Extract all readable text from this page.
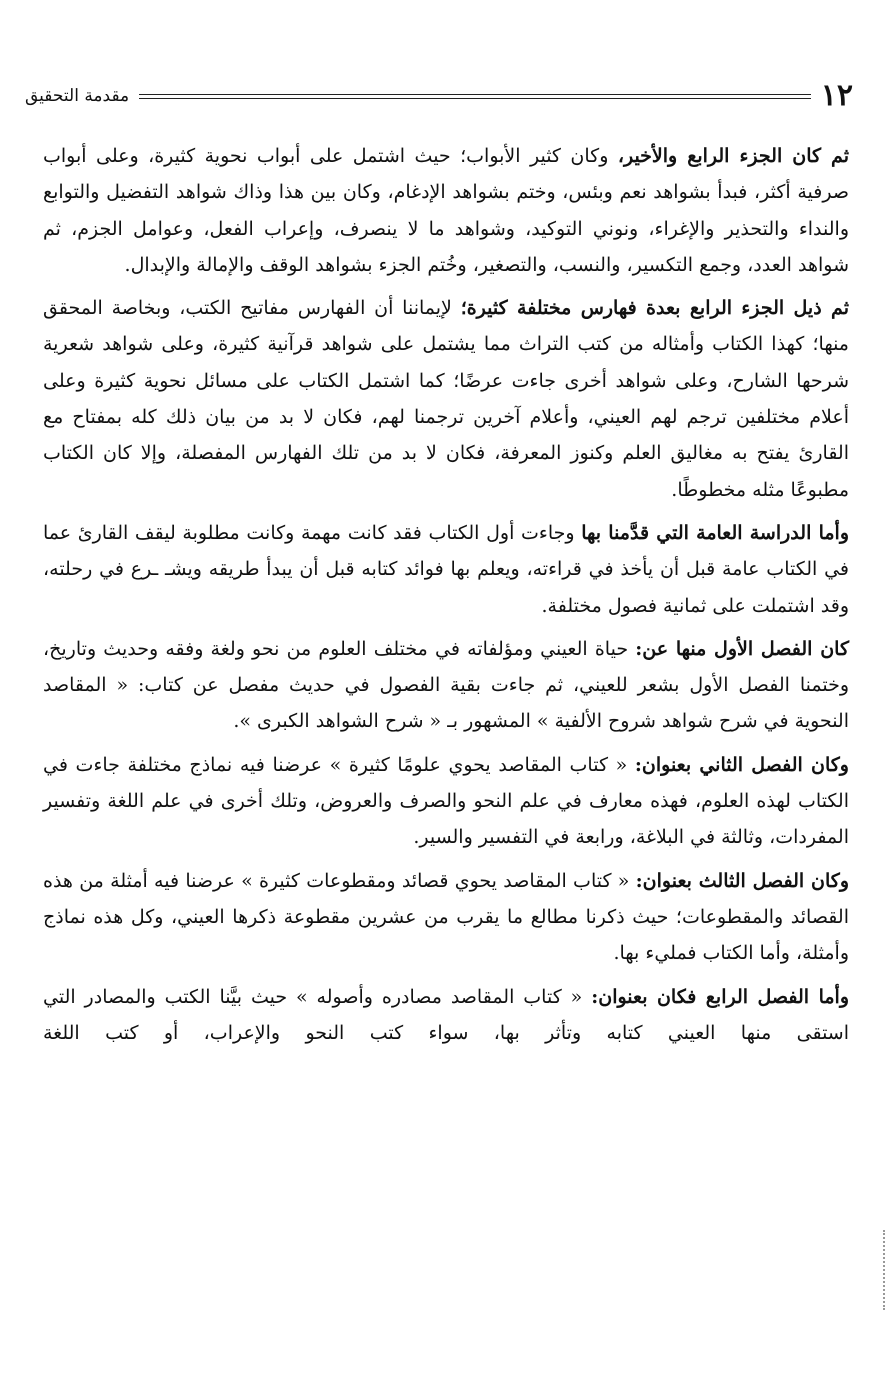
١٢
مقدمة التحقيق

ثم كان الجزء الرابع والأخير، وكان كثير الأبواب؛ حيث اشتمل على أبواب نحوية كثيرة، وعلى أبواب صرفية أكثر، فبدأ بشواهد نعم وبئس، وختم بشواهد الإدغام، وكان بين هذا وذاك شواهد التفضيل والتوابع والنداء والتحذير والإغراء، ونوني التوكيد، وشواهد ما لا ينصرف، وإعراب الفعل، وعوامل الجزم، ثم شواهد العدد، وجمع التكسير، والنسب، والتصغير، وخُتم الجزء بشواهد الوقف والإمالة والإبدال.

ثم ذيل الجزء الرابع بعدة فهارس مختلفة كثيرة؛ لإيماننا أن الفهارس مفاتيح الكتب، وبخاصة المحقق منها؛ كهذا الكتاب وأمثاله من كتب التراث مما يشتمل على شواهد قرآنية كثيرة، وعلى شواهد شعرية شرحها الشارح، وعلى شواهد أخرى جاءت عرضًا؛ كما اشتمل الكتاب على مسائل نحوية كثيرة وعلى أعلام مختلفين ترجم لهم العيني، وأعلام آخرين ترجمنا لهم، فكان لا بد من بيان ذلك كله بمفتاح مع القارئ يفتح به مغاليق العلم وكنوز المعرفة، فكان لا بد من تلك الفهارس المفصلة، وإلا كان الكتاب مطبوعًا مثله مخطوطًا.

وأما الدراسة العامة التي قدَّمنا بها وجاءت أول الكتاب فقد كانت مهمة وكانت مطلوبة ليقف القارئ عما في الكتاب عامة قبل أن يأخذ في قراءته، ويعلم بها فوائد كتابه قبل أن يبدأ طريقه ويشـ ـرع في رحلته، وقد اشتملت على ثمانية فصول مختلفة.

كان الفصل الأول منها عن: حياة العيني ومؤلفاته في مختلف العلوم من نحو ولغة وفقه وحديث وتاريخ، وختمنا الفصل الأول بشعر للعيني، ثم جاءت بقية الفصول في حديث مفصل عن كتاب: « المقاصد النحوية في شرح شواهد شروح الألفية » المشهور بـ « شرح الشواهد الكبرى ».

وكان الفصل الثاني بعنوان: « كتاب المقاصد يحوي علومًا كثيرة » عرضنا فيه نماذج مختلفة جاءت في الكتاب لهذه العلوم، فهذه معارف في علم النحو والصرف والعروض، وتلك أخرى في علم اللغة وتفسير المفردات، وثالثة في البلاغة، ورابعة في التفسير والسير.

وكان الفصل الثالث بعنوان: « كتاب المقاصد يحوي قصائد ومقطوعات كثيرة » عرضنا فيه أمثلة من هذه القصائد والمقطوعات؛ حيث ذكرنا مطالع ما يقرب من عشرين مقطوعة ذكرها العيني، وكل هذه نماذج وأمثلة، وأما الكتاب فمليء بها.

وأما الفصل الرابع فكان بعنوان: « كتاب المقاصد مصادره وأصوله » حيث بيَّنا الكتب والمصادر التي استقى منها العيني كتابه وتأثر بها، سواء كتب النحو والإعراب، أو كتب اللغة
